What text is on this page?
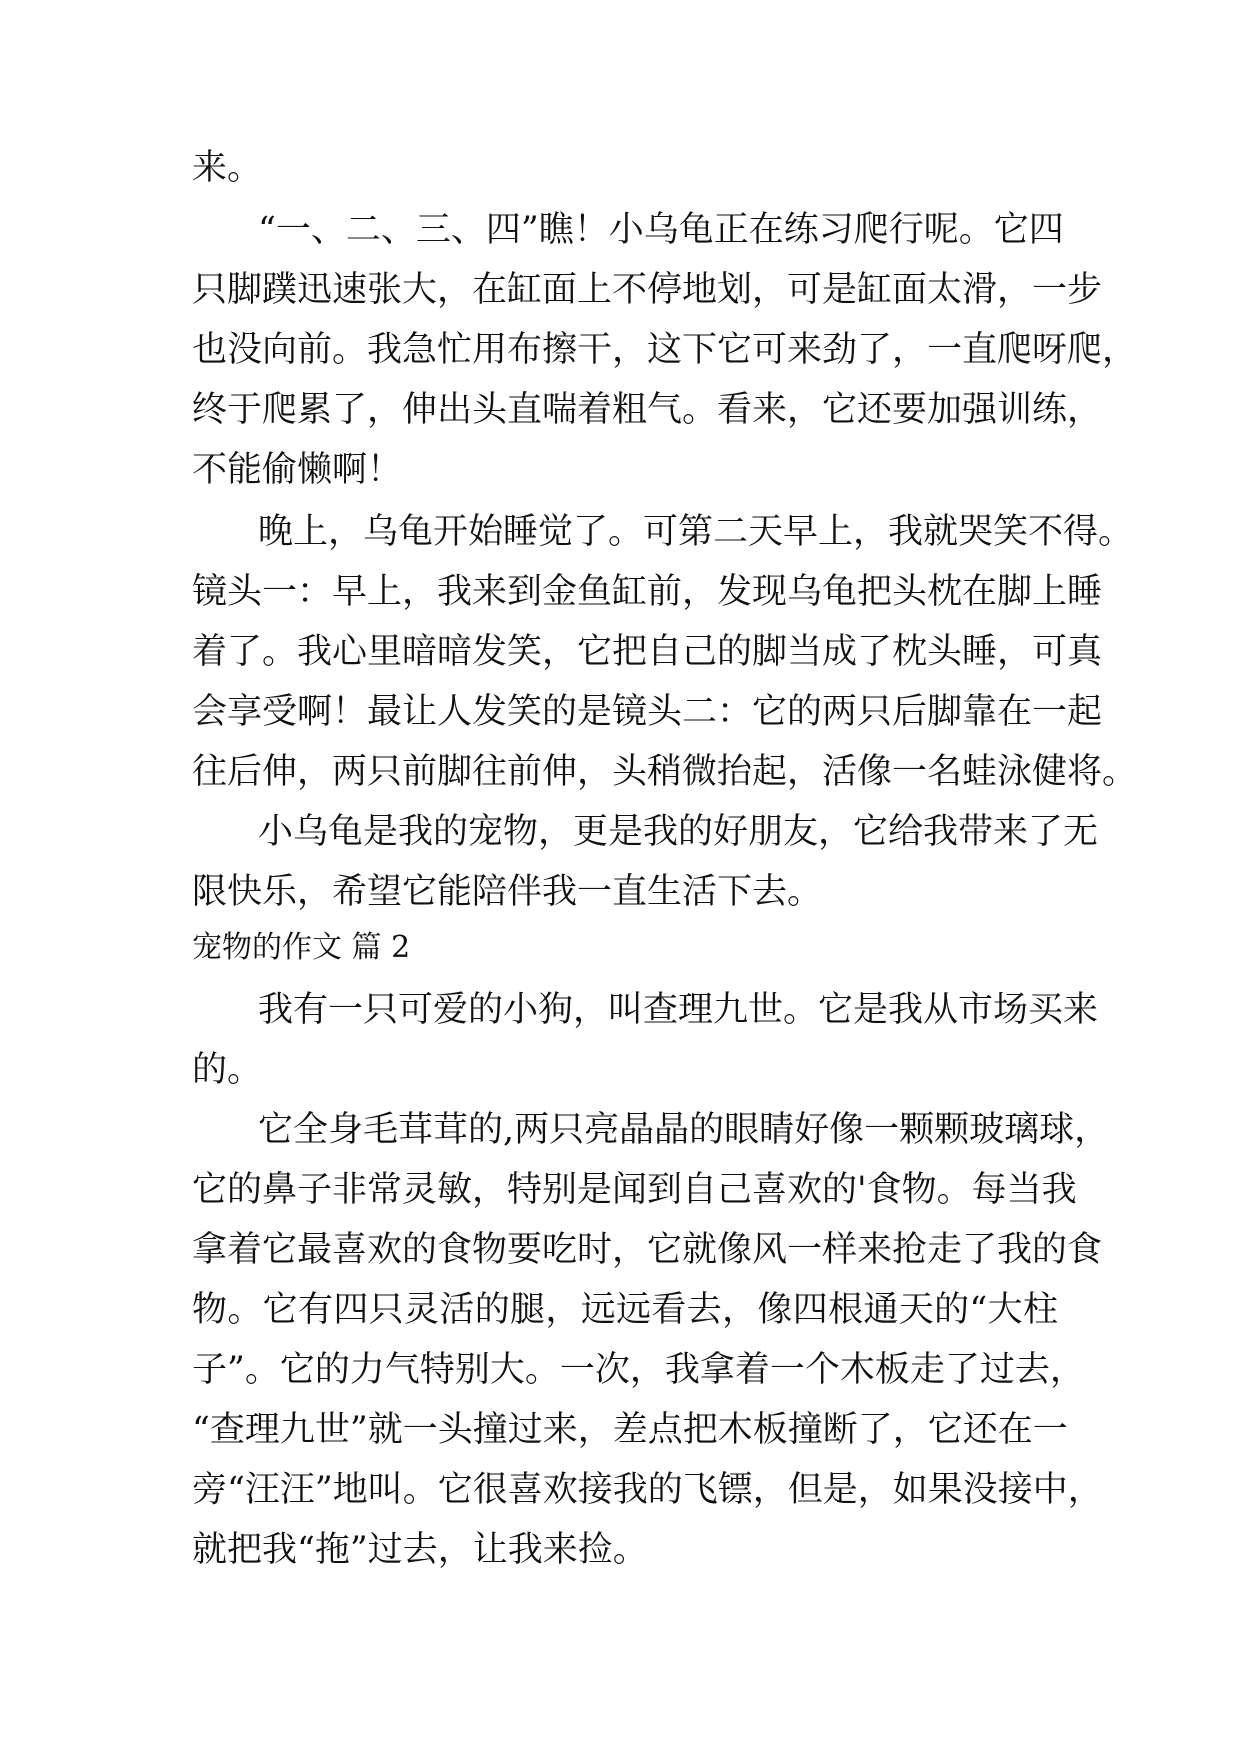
来。
“一、二、三、四”瞧！小乌龟正在练习爬行呢。它四
只脚蹼迅速张大，在缸面上不停地划，可是缸面太滑，一步
也没向前。我急忙用布擦干，这下它可来劲了，一直爬呀爬，
终于爬累了，伸出头直喘着粗气。看来，它还要加强训练，
不能偷懒啊！
晚上，乌龟开始睡觉了。可第二天早上，我就哭笑不得。
镜头一：早上，我来到金鱼缸前，发现乌龟把头枕在脚上睡
着了。我心里暗暗发笑，它把自己的脚当成了枕头睡，可真
会享受啊！最让人发笑的是镜头二：它的两只后脚靠在一起
往后伸，两只前脚往前伸，头稍微抬起，活像一名蛙泳健将。
小乌龟是我的宠物，更是我的好朋友，它给我带来了无
限快乐，希望它能陪伴我一直生活下去。
宠物的作文 篇 2
我有一只可爱的小狗，叫查理九世。它是我从市场买来
的。
它全身毛茸茸的,两只亮晶晶的眼睛好像一颗颗玻璃球，
它的鼻子非常灵敏，特别是闻到自己喜欢的'食物。每当我
拿着它最喜欢的食物要吃时，它就像风一样来抢走了我的食
物。它有四只灵活的腿，远远看去，像四根通天的“大柱
子”。它的力气特别大。一次，我拿着一个木板走了过去，
“查理九世”就一头撞过来，差点把木板撞断了，它还在一
旁“汪汪”地叫。它很喜欢接我的飞镖，但是，如果没接中，
就把我“拖”过去，让我来捡。
